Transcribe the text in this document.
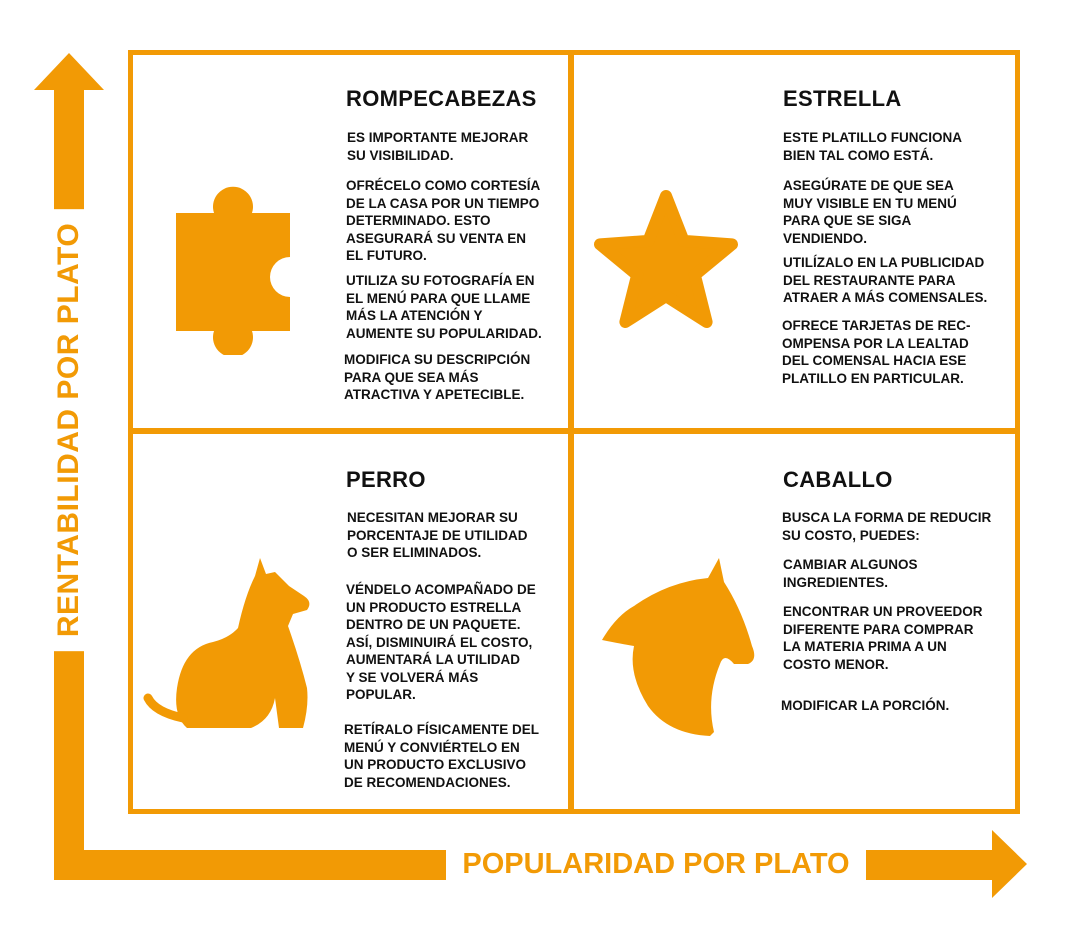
RENTABILIDAD POR PLATO
POPULARIDAD POR PLATO
ROMPECABEZAS

ES IMPORTANTE MEJORAR
SU VISIBILIDAD.

OFRÉCELO COMO CORTESÍA
DE LA CASA POR UN TIEMPO
DETERMINADO. ESTO
ASEGURARÁ SU VENTA EN
EL FUTURO.

UTILIZA SU FOTOGRAFÍA EN
EL MENÚ PARA QUE LLAME
MÁS LA ATENCIÓN Y
AUMENTE SU POPULARIDAD.

MODIFICA SU DESCRIPCIÓN
PARA QUE SEA MÁS
ATRACTIVA Y APETECIBLE.

ESTRELLA

ESTE PLATILLO FUNCIONA
BIEN TAL COMO ESTÁ.

ASEGÚRATE DE QUE SEA
MUY VISIBLE EN TU MENÚ
PARA QUE SE SIGA
VENDIENDO.

UTILÍZALO EN LA PUBLICIDAD
DEL RESTAURANTE PARA
ATRAER A MÁS COMENSALES.

OFRECE TARJETAS DE REC-
OMPENSA POR LA LEALTAD
DEL COMENSAL HACIA ESE
PLATILLO EN PARTICULAR.

PERRO

NECESITAN MEJORAR SU
PORCENTAJE DE UTILIDAD
O SER ELIMINADOS.

VÉNDELO ACOMPAÑADO DE
UN PRODUCTO ESTRELLA
DENTRO DE UN PAQUETE.
ASÍ, DISMINUIRÁ EL COSTO,
AUMENTARÁ LA UTILIDAD
Y SE VOLVERÁ MÁS
POPULAR.

RETÍRALO FÍSICAMENTE DEL
MENÚ Y CONVIÉRTELO EN
UN PRODUCTO EXCLUSIVO
DE RECOMENDACIONES.

CABALLO

BUSCA LA FORMA DE REDUCIR
SU COSTO, PUEDES:

CAMBIAR ALGUNOS
INGREDIENTES.

ENCONTRAR UN PROVEEDOR
DIFERENTE PARA COMPRAR
LA MATERIA PRIMA A UN
COSTO MENOR.

MODIFICAR LA PORCIÓN.
